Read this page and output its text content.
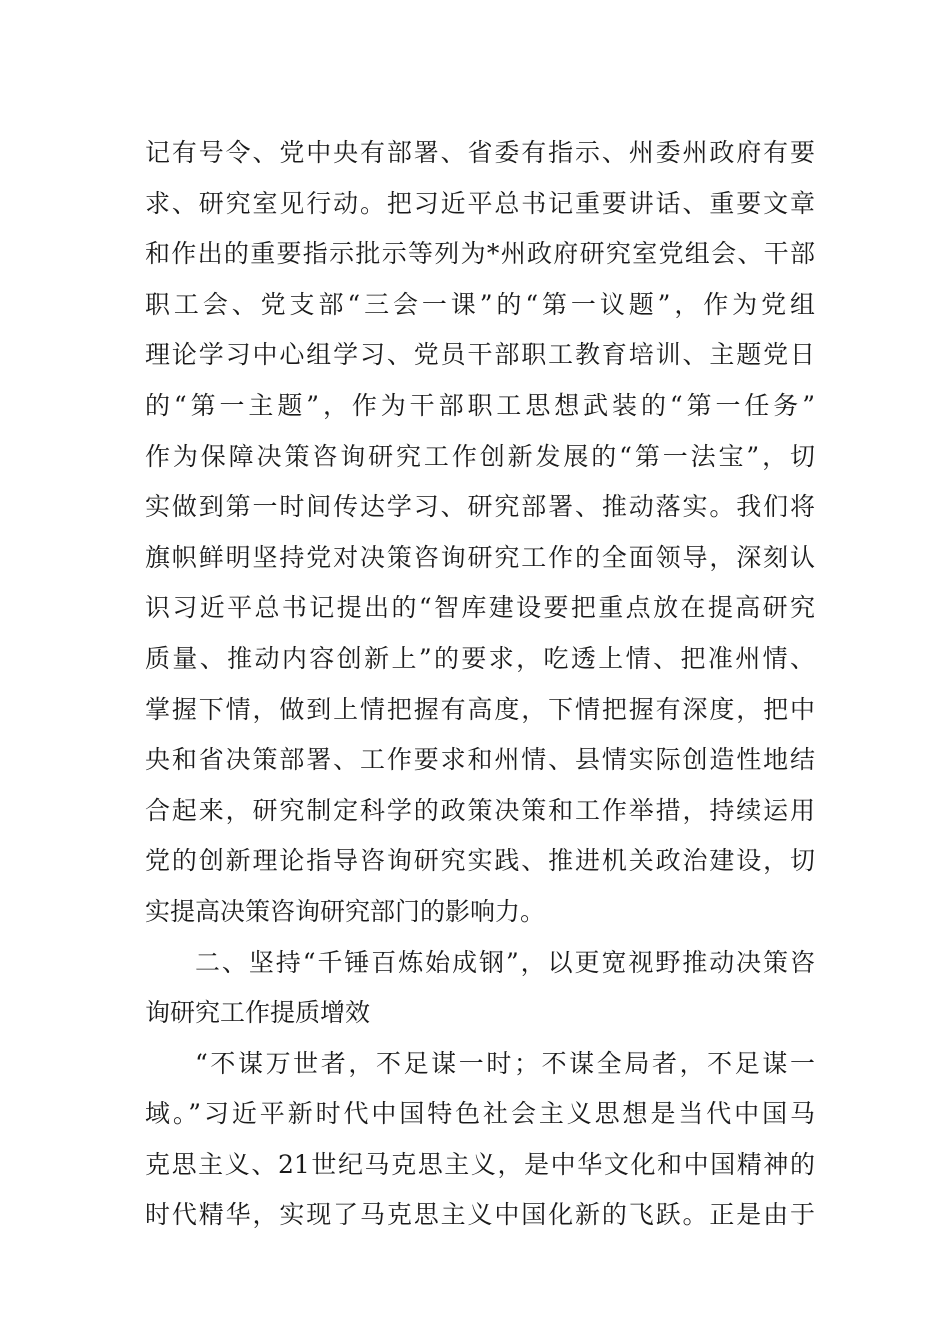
记有号令、党中央有部署、省委有指示、州委州政府有要
求、研究室见行动。把习近平总书记重要讲话、重要文章
和作出的重要指示批示等列为*州政府研究室党组会、干部
职工会、党支部“三会一课”的“第一议题”，作为党组
理论学习中心组学习、党员干部职工教育培训、主题党日
的“第一主题”，作为干部职工思想武装的“第一任务”
作为保障决策咨询研究工作创新发展的“第一法宝”，切
实做到第一时间传达学习、研究部署、推动落实。我们将
旗帜鲜明坚持党对决策咨询研究工作的全面领导，深刻认
识习近平总书记提出的“智库建设要把重点放在提高研究
质量、推动内容创新上”的要求，吃透上情、把准州情、
掌握下情，做到上情把握有高度，下情把握有深度，把中
央和省决策部署、工作要求和州情、县情实际创造性地结
合起来，研究制定科学的政策决策和工作举措，持续运用
党的创新理论指导咨询研究实践、推进机关政治建设，切
实提高决策咨询研究部门的影响力。
二、坚持“千锤百炼始成钢”，以更宽视野推动决策咨
询研究工作提质增效
“不谋万世者，不足谋一时；不谋全局者，不足谋一
域。”习近平新时代中国特色社会主义思想是当代中国马
克思主义、21世纪马克思主义，是中华文化和中国精神的
时代精华，实现了马克思主义中国化新的飞跃。正是由于
